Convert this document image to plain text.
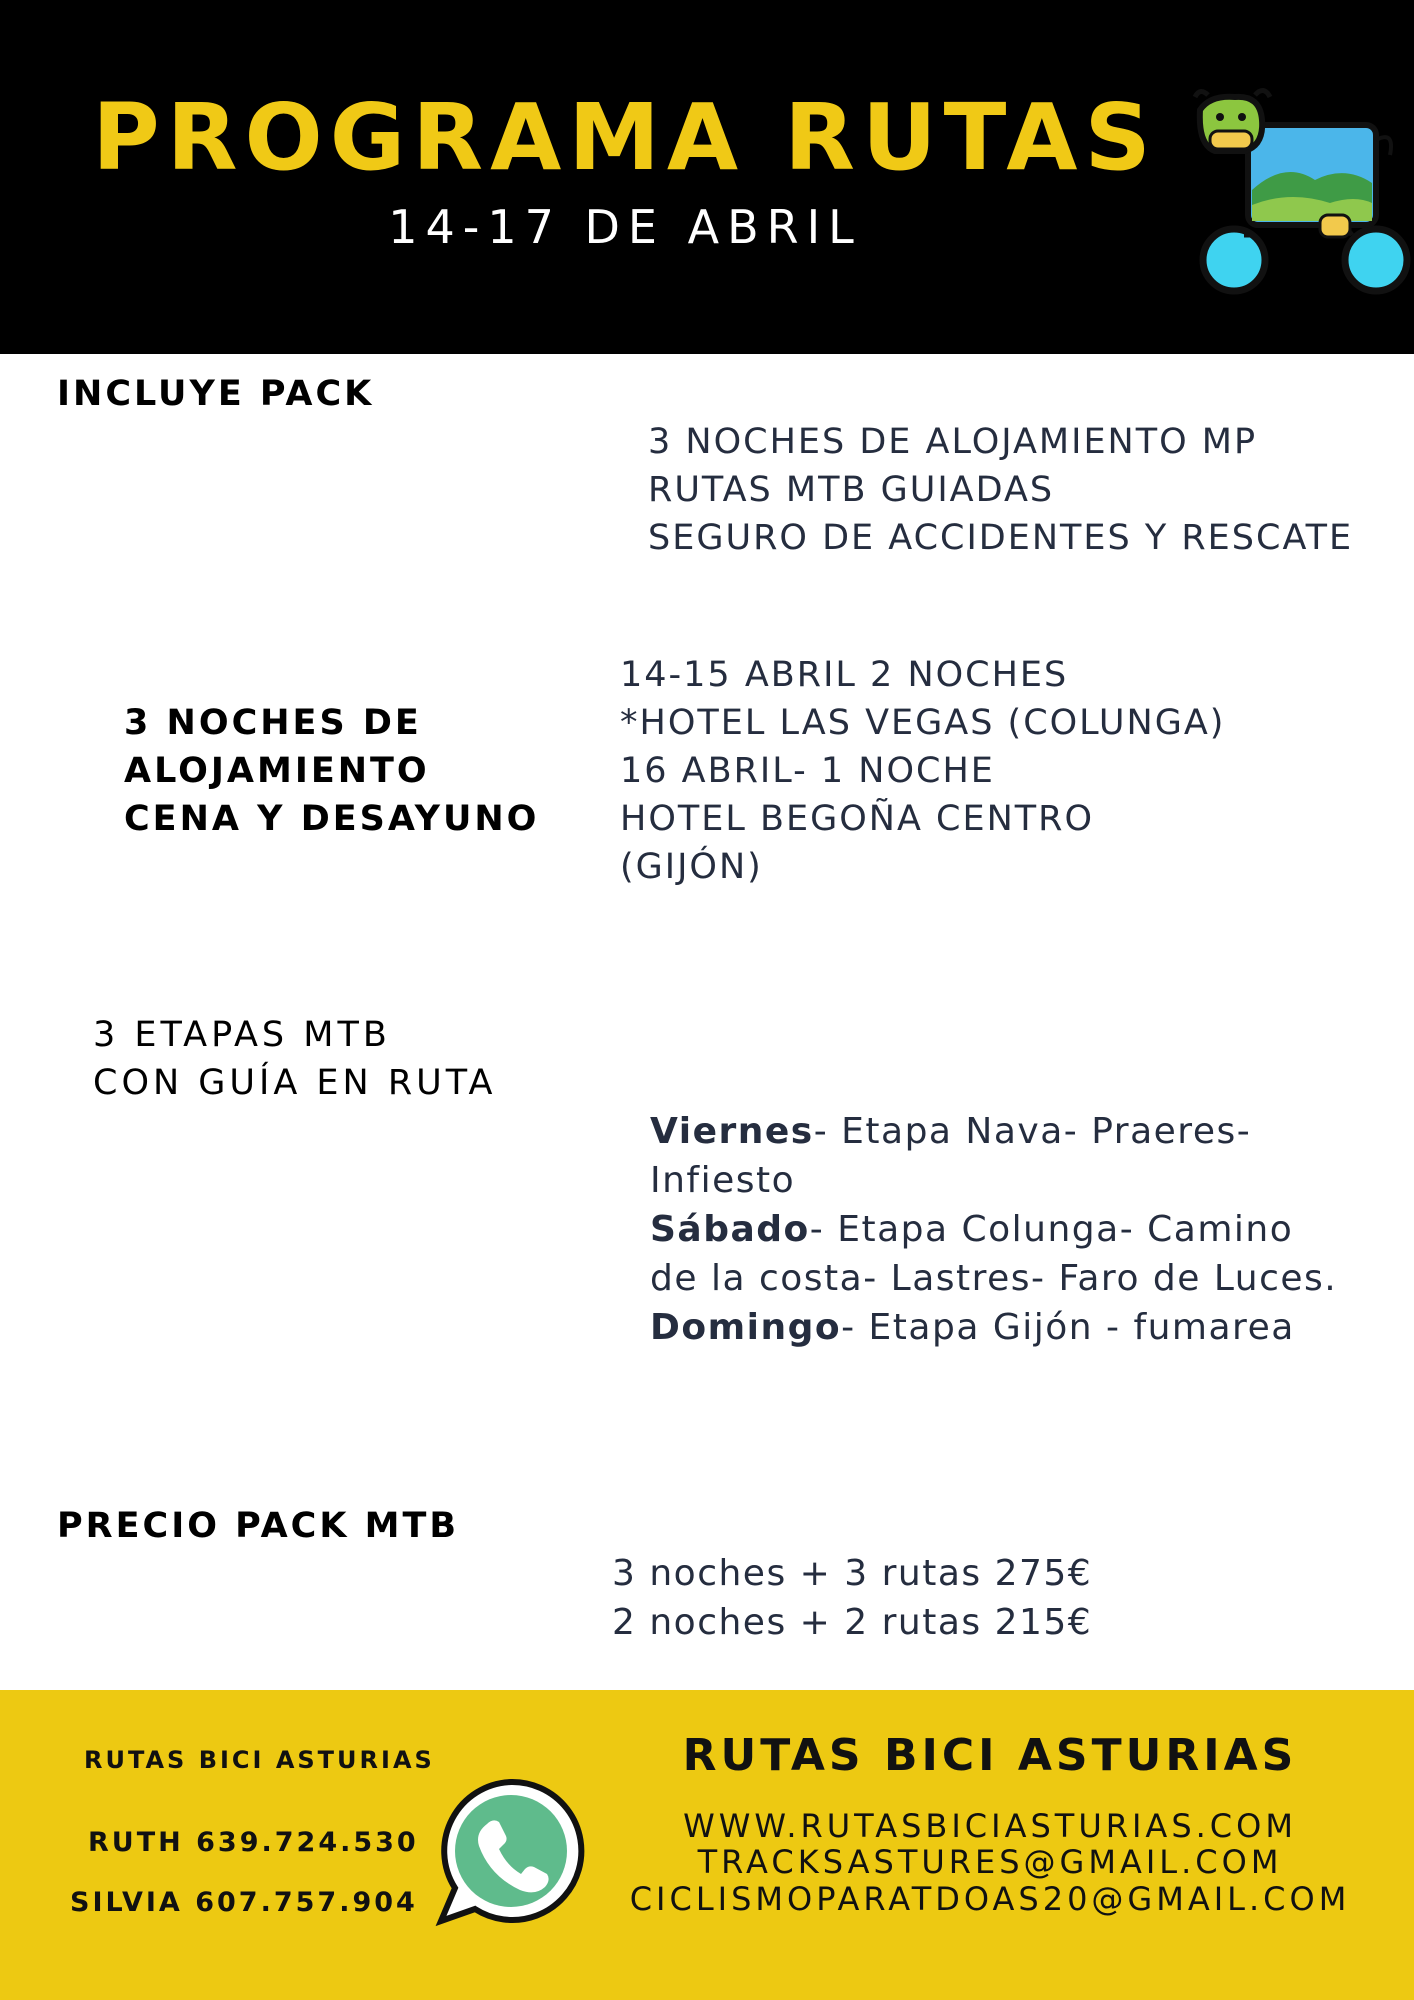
PROGRAMA RUTAS
14-17 DE ABRIL
INCLUYE PACK
3 NOCHES DE ALOJAMIENTO MP
RUTAS MTB GUIADAS
SEGURO DE ACCIDENTES Y RESCATE
3 NOCHES DE
ALOJAMIENTO
CENA Y DESAYUNO
14-15 ABRIL 2 NOCHES
*HOTEL LAS VEGAS (COLUNGA)
16 ABRIL- 1 NOCHE
HOTEL BEGOÑA CENTRO
(GIJÓN)
3 ETAPAS MTB
CON GUÍA EN RUTA
Viernes- Etapa Nava- Praeres-
Infiesto
Sábado- Etapa Colunga- Camino
de la costa- Lastres- Faro de Luces.
Domingo- Etapa Gijón - fumarea
PRECIO PACK MTB
3 noches + 3 rutas 275€
2 noches + 2 rutas 215€
RUTAS BICI ASTURIAS
RUTH 639.724.530
SILVIA 607.757.904
RUTAS BICI ASTURIAS
WWW.RUTASBICIASTURIAS.COM
TRACKSASTURES@GMAIL.COM
CICLISMOPARATDOAS20@GMAIL.COM
